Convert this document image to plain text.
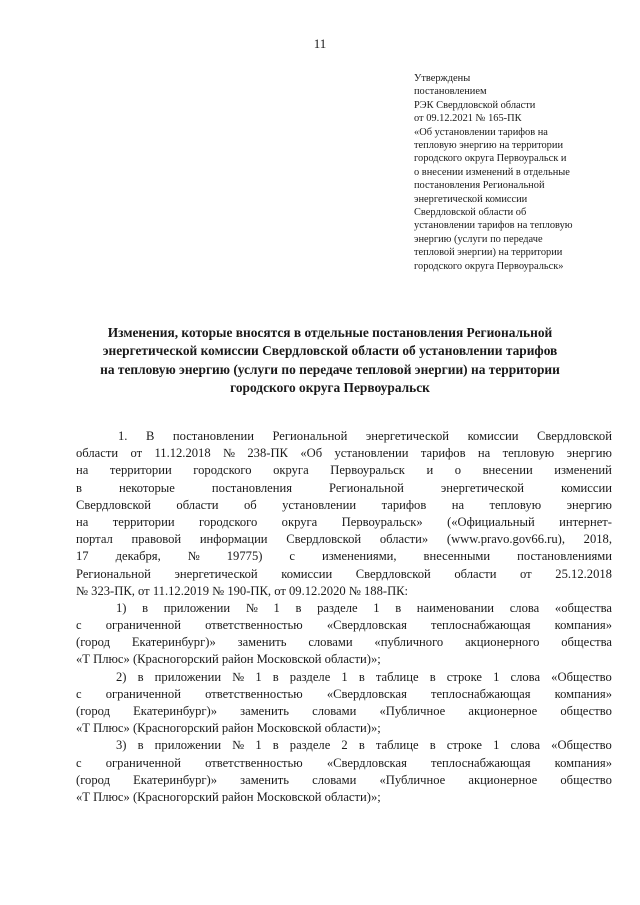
11
Утверждены
постановлением
РЭК Свердловской области
от 09.12.2021 № 165-ПК
«Об установлении тарифов на
тепловую энергию на территории
городского округа Первоуральск и
о внесении изменений в отдельные
постановления Региональной
энергетической комиссии
Свердловской области об
установлении тарифов на тепловую
энергию (услуги по передаче
тепловой энергии) на территории
городского округа Первоуральск»
Изменения, которые вносятся в отдельные постановления Региональной
энергетической комиссии Свердловской области об установлении тарифов
на тепловую энергию (услуги по передаче тепловой энергии) на территории
городского округа Первоуральск
1. В постановлении Региональной энергетической комиссии Свердловской
области от 11.12.2018 № 238-ПК «Об установлении тарифов на тепловую энергию
на территории городского округа Первоуральск и о внесении изменений
в	некоторые	постановления	Региональной	энергетической	комиссии
Свердловской области об установлении тарифов на тепловую энергию
на территории городского округа Первоуральск» («Официальный интернет-
портал правовой информации Свердловской области» (www.pravo.gov66.ru), 2018,
17 декабря, № 19775) с изменениями, внесенными постановлениями
Региональной энергетической комиссии Свердловской области от 25.12.2018
№ 323-ПК, от 11.12.2019 № 190-ПК, от 09.12.2020 № 188-ПК:
1) в приложении № 1 в разделе 1 в наименовании слова «общества
с ограниченной ответственностью «Свердловская теплоснабжающая компания»
(город Екатеринбург)» заменить словами «публичного акционерного общества
«Т Плюс» (Красногорский район Московской области)»;
2) в приложении № 1 в разделе 1 в таблице в строке 1 слова «Общество
с ограниченной ответственностью «Свердловская теплоснабжающая компания»
(город Екатеринбург)» заменить словами «Публичное акционерное общество
«Т Плюс» (Красногорский район Московской области)»;
3) в приложении № 1 в разделе 2 в таблице в строке 1 слова «Общество
с ограниченной ответственностью «Свердловская теплоснабжающая компания»
(город Екатеринбург)» заменить словами «Публичное акционерное общество
«Т Плюс» (Красногорский район Московской области)»;
